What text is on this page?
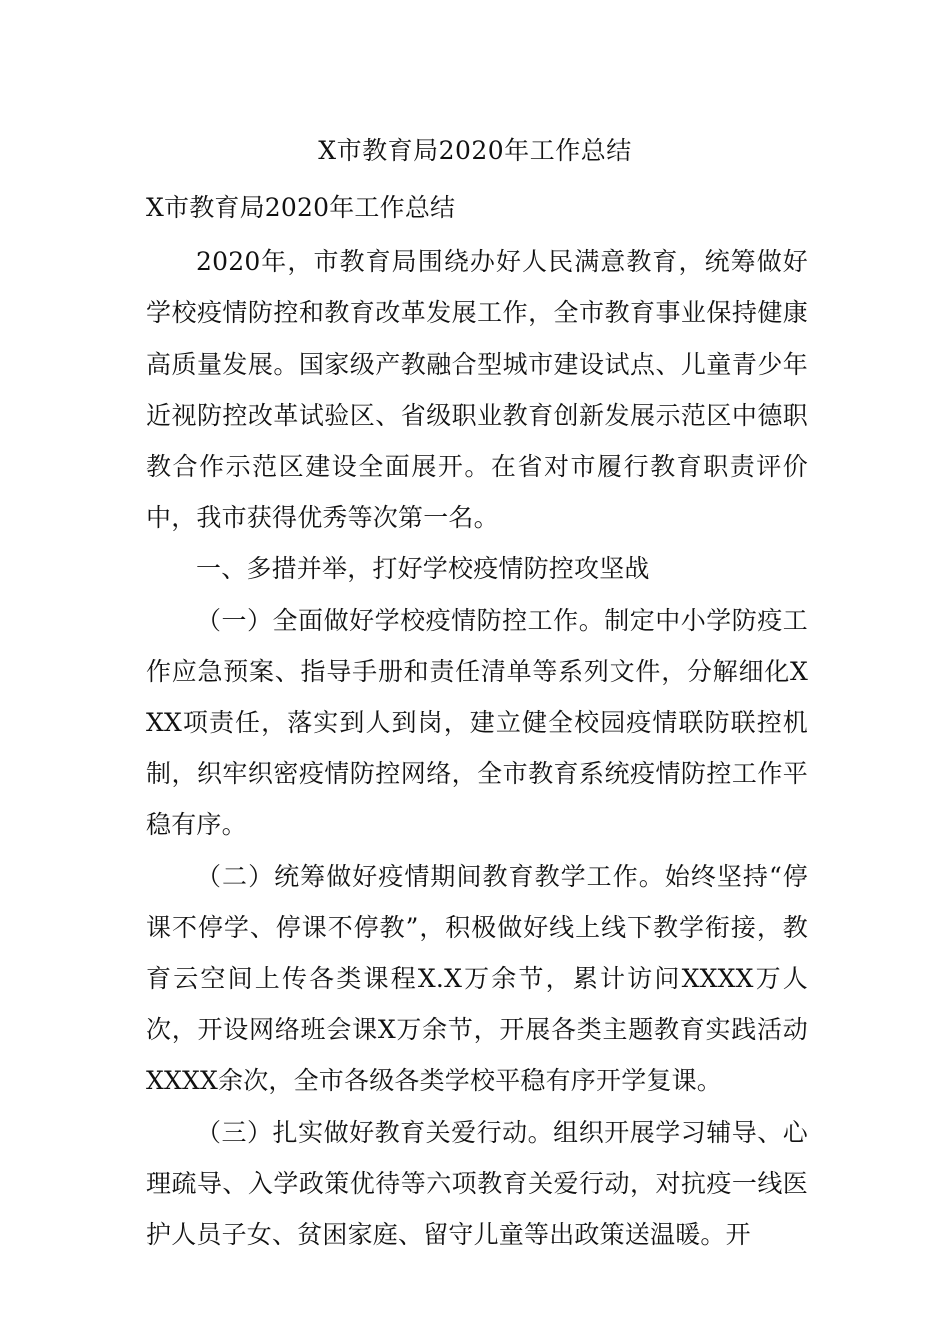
X市教育局2020年工作总结

X市教育局2020年工作总结

2020年，市教育局围绕办好人民满意教育，统筹做好学校疫情防控和教育改革发展工作，全市教育事业保持健康高质量发展。国家级产教融合型城市建设试点、儿童青少年近视防控改革试验区、省级职业教育创新发展示范区中德职教合作示范区建设全面展开。在省对市履行教育职责评价中，我市获得优秀等次第一名。

一、多措并举，打好学校疫情防控攻坚战

（一）全面做好学校疫情防控工作。制定中小学防疫工作应急预案、指导手册和责任清单等系列文件，分解细化XXX项责任，落实到人到岗，建立健全校园疫情联防联控机制，织牢织密疫情防控网络，全市教育系统疫情防控工作平稳有序。

（二）统筹做好疫情期间教育教学工作。始终坚持“停课不停学、停课不停教”，积极做好线上线下教学衔接，教育云空间上传各类课程X.X万余节，累计访问XXXX万人次，开设网络班会课X万余节，开展各类主题教育实践活动XXXX余次，全市各级各类学校平稳有序开学复课。

（三）扎实做好教育关爱行动。组织开展学习辅导、心理疏导、入学政策优待等六项教育关爱行动，对抗疫一线医护人员子女、贫困家庭、留守儿童等出政策送温暖。开
